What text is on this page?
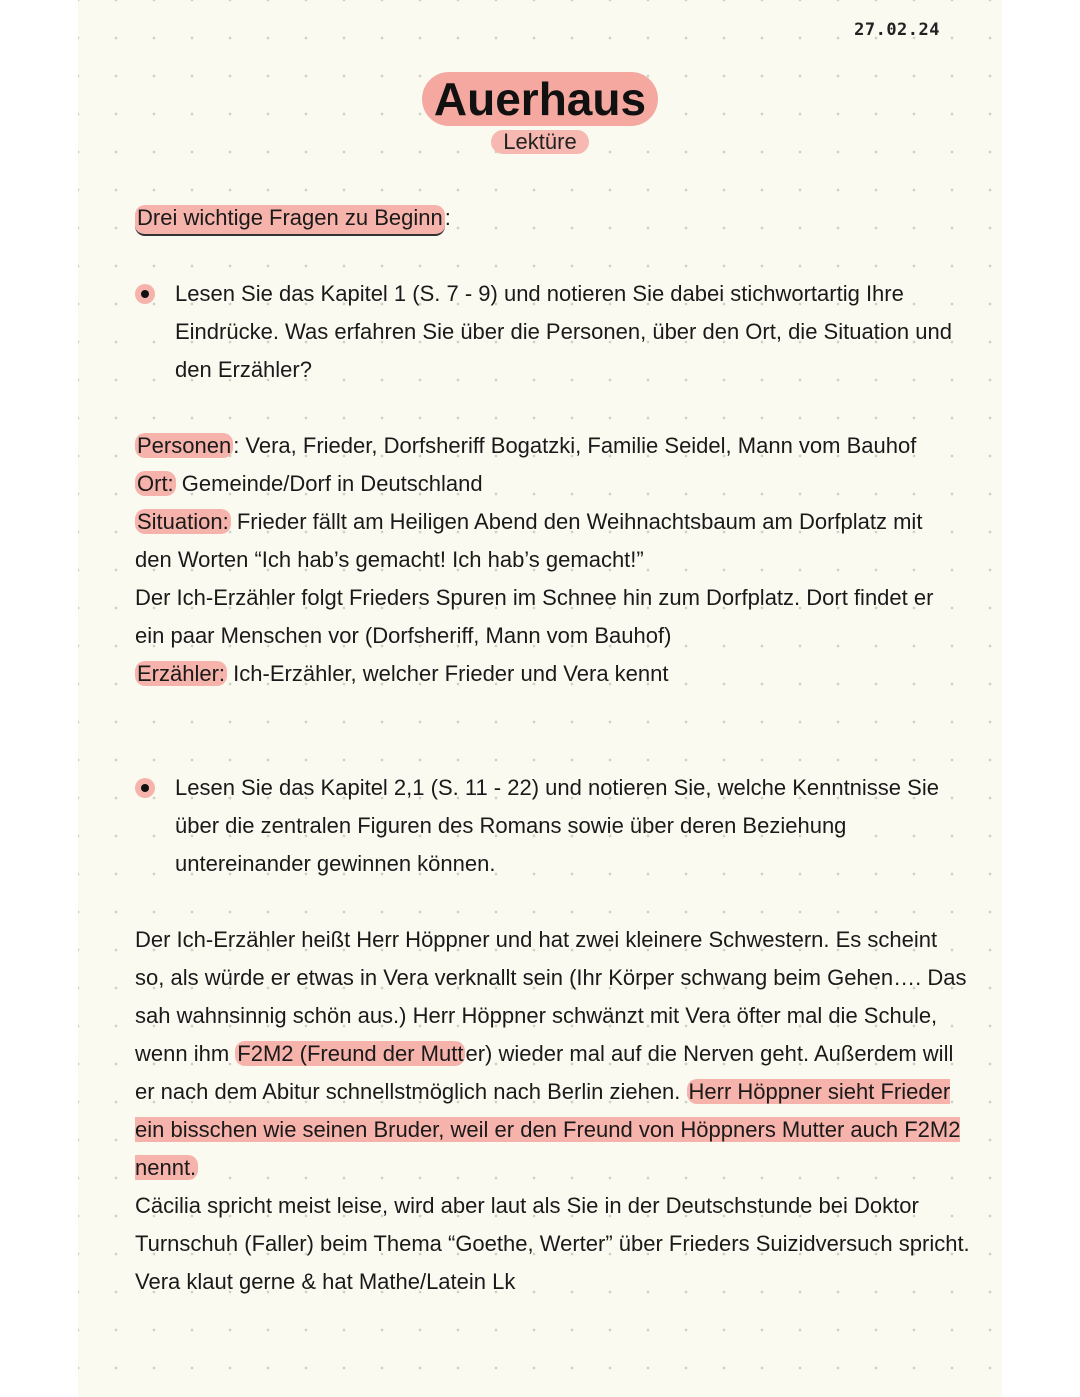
27.02.24
Auerhaus
Lektüre
Drei wichtige Fragen zu Beginn:

Lesen Sie das Kapitel 1 (S. 7 - 9) und notieren Sie dabei stichwortartig Ihre Eindrücke. Was erfahren Sie über die Personen, über den Ort, die Situation und den Erzähler?

Personen: Vera, Frieder, Dorfsheriff Bogatzki, Familie Seidel, Mann vom Bauhof

Ort: Gemeinde/Dorf in Deutschland

Situation: Frieder fällt am Heiligen Abend den Weihnachtsbaum am Dorfplatz mit den Worten “Ich hab’s gemacht! Ich hab’s gemacht!”

Der Ich-Erzähler folgt Frieders Spuren im Schnee hin zum Dorfplatz. Dort findet er ein paar Menschen vor (Dorfsheriff, Mann vom Bauhof)

Erzähler: Ich-Erzähler, welcher Frieder und Vera kennt

Lesen Sie das Kapitel 2,1 (S. 11 - 22) und notieren Sie, welche Kenntnisse Sie über die zentralen Figuren des Romans sowie über deren Beziehung untereinander gewinnen können.

Der Ich-Erzähler heißt Herr Höppner und hat zwei kleinere Schwestern. Es scheint so, als würde er etwas in Vera verknallt sein (Ihr Körper schwang beim Gehen…. Das sah wahnsinnig schön aus.) Herr Höppner schwänzt mit Vera öfter mal die Schule, wenn ihm F2M2 (Freund der Mutter) wieder mal auf die Nerven geht. Außerdem will er nach dem Abitur schnellstmöglich nach Berlin ziehen. Herr Höppner sieht Frieder ein bisschen wie seinen Bruder, weil er den Freund von Höppners Mutter auch F2M2 nennt.

Cäcilia spricht meist leise, wird aber laut als Sie in der Deutschstunde bei Doktor Turnschuh (Faller) beim Thema “Goethe, Werter” über Frieders Suizidversuch spricht. Vera klaut gerne & hat Mathe/Latein Lk
